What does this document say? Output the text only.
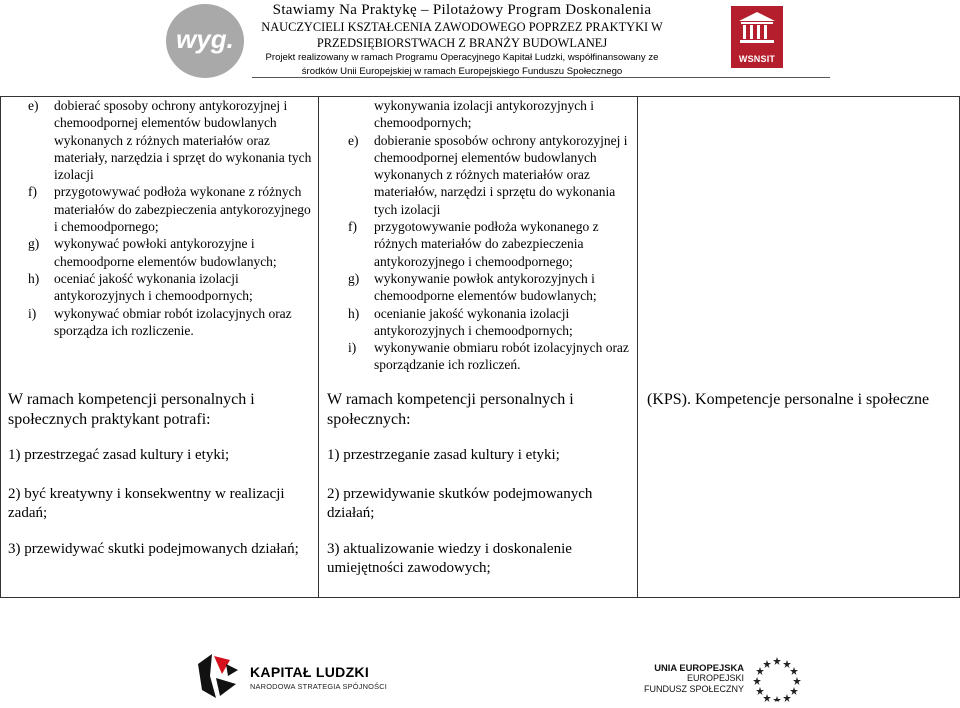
wyg.
Stawiamy Na Praktykę – Pilotażowy Program Doskonalenia
NAUCZYCIELI KSZTAŁCENIA ZAWODOWEGO POPRZEZ PRAKTYKI W
PRZEDSIĘBIORSTWACH Z BRANŻY BUDOWLANEJ
Projekt realizowany w ramach Programu Operacyjnego Kapitał Ludzki, współfinansowany ze
środków Unii Europejskiej w ramach Europejskiego Funduszu Społecznego
WSNSIT
e) dobierać sposoby ochrony antykorozyjnej i chemoodpornej elementów budowlanych wykonanych z różnych materiałów oraz materiały, narzędzia i sprzęt do wykonania tych izolacji
f) przygotowywać podłoża wykonane z różnych materiałów do zabezpieczenia antykorozyjnego i chemoodpornego;
g) wykonywać powłoki antykorozyjne i chemoodporne elementów budowlanych;
h) oceniać jakość wykonania izolacji antykorozyjnych i chemoodpornych;
i) wykonywać obmiar robót izolacyjnych oraz sporządza ich rozliczenie.
wykonywania izolacji antykorozyjnych i chemoodpornych;
e) dobieranie sposobów ochrony antykorozyjnej i chemoodpornej elementów budowlanych wykonanych z różnych materiałów oraz materiałów, narzędzi i sprzętu do wykonania tych izolacji
f) przygotowywanie podłoża wykonanego z różnych materiałów do zabezpieczenia antykorozyjnego i chemoodpornego;
g) wykonywanie powłok antykorozyjnych i chemoodporne elementów budowlanych;
h) ocenianie jakość wykonania izolacji antykorozyjnych i chemoodpornych;
i) wykonywanie obmiaru robót izolacyjnych oraz sporządzanie ich rozliczeń.
W ramach kompetencji personalnych i społecznych praktykant potrafi:
W ramach kompetencji personalnych i społecznych:
(KPS). Kompetencje personalne i społeczne
1) przestrzegać zasad kultury i etyki;
2) być kreatywny i konsekwentny w realizacji zadań;
3) przewidywać skutki podejmowanych działań;
1) przestrzeganie zasad kultury i etyki;
2) przewidywanie skutków podejmowanych działań;
3) aktualizowanie wiedzy i doskonalenie umiejętności zawodowych;
KAPITAŁ LUDZKI
NARODOWA STRATEGIA SPÓJNOŚCI
UNIA EUROPEJSKA
EUROPEJSKI
FUNDUSZ SPOŁECZNY
